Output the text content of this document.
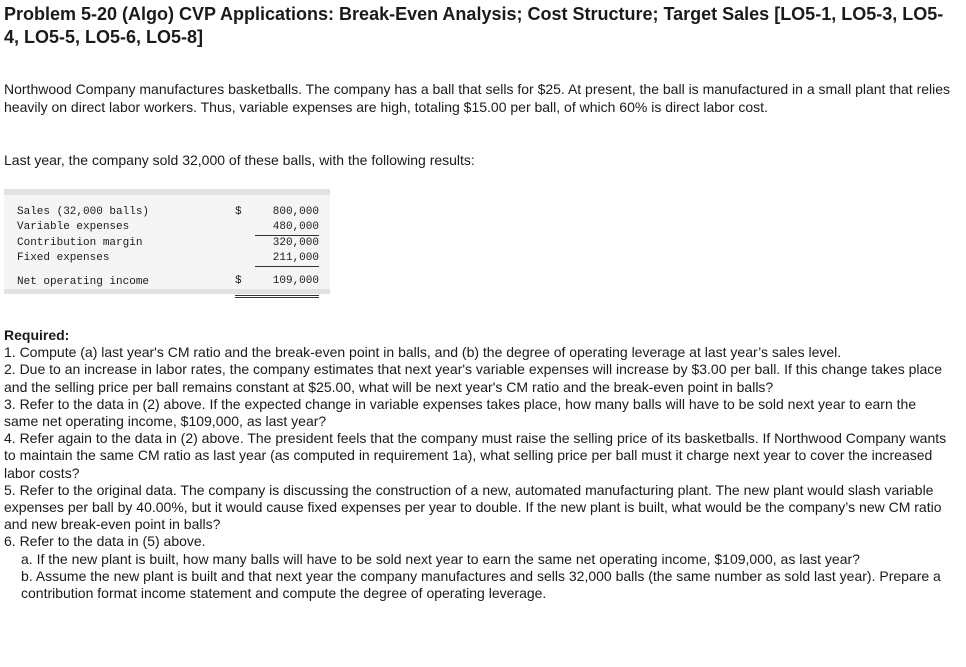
Problem 5-20 (Algo) CVP Applications: Break-Even Analysis; Cost Structure; Target Sales [LO5-1, LO5-3, LO5-4, LO5-5, LO5-6, LO5-8]

Northwood Company manufactures basketballs. The company has a ball that sells for $25. At present, the ball is manufactured in a small plant that relies heavily on direct labor workers. Thus, variable expenses are high, totaling $15.00 per ball, of which 60% is direct labor cost.

Last year, the company sold 32,000 of these balls, with the following results:

Sales (32,000 balls)	$	800,000
Variable expenses		480,000
Contribution margin		320,000
Fixed expenses		211,000
Net operating income	$	109,000
Required:
1. Compute (a) last year's CM ratio and the break-even point in balls, and (b) the degree of operating leverage at last year’s sales level.
2. Due to an increase in labor rates, the company estimates that next year's variable expenses will increase by $3.00 per ball. If this change takes place and the selling price per ball remains constant at $25.00, what will be next year's CM ratio and the break-even point in balls?
3. Refer to the data in (2) above. If the expected change in variable expenses takes place, how many balls will have to be sold next year to earn the same net operating income, $109,000, as last year?
4. Refer again to the data in (2) above. The president feels that the company must raise the selling price of its basketballs. If Northwood Company wants to maintain the same CM ratio as last year (as computed in requirement 1a), what selling price per ball must it charge next year to cover the increased labor costs?
5. Refer to the original data. The company is discussing the construction of a new, automated manufacturing plant. The new plant would slash variable expenses per ball by 40.00%, but it would cause fixed expenses per year to double. If the new plant is built, what would be the company’s new CM ratio and new break-even point in balls?
6. Refer to the data in (5) above.
a. If the new plant is built, how many balls will have to be sold next year to earn the same net operating income, $109,000, as last year?
b. Assume the new plant is built and that next year the company manufactures and sells 32,000 balls (the same number as sold last year). Prepare a contribution format income statement and compute the degree of operating leverage.
